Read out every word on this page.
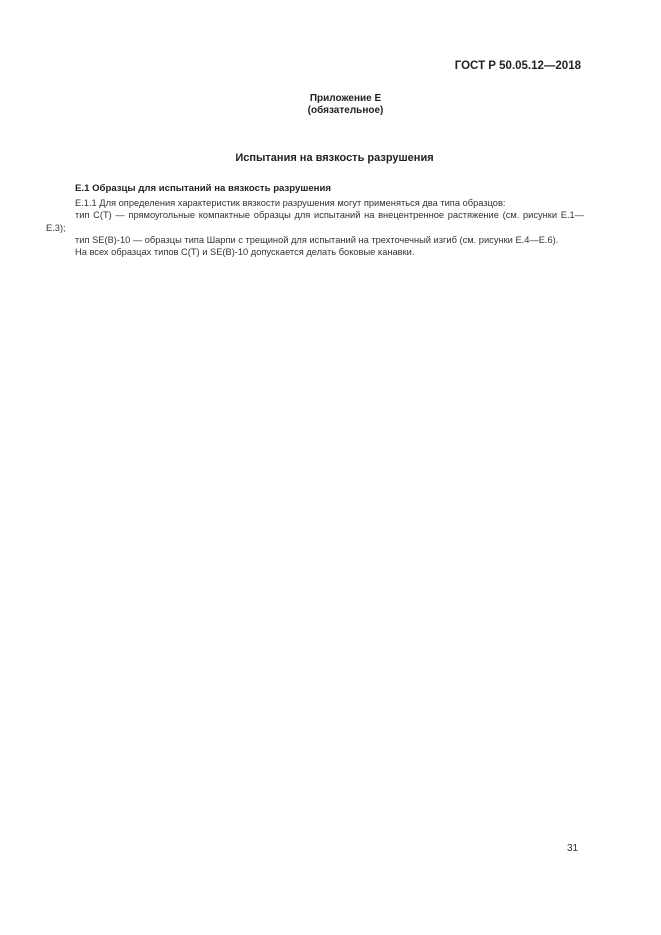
ГОСТ Р 50.05.12—2018
Приложение Е
(обязательное)
Испытания на вязкость разрушения
Е.1 Образцы для испытаний на вязкость разрушения

Е.1.1 Для определения характеристик вязкости разрушения могут применяться два типа образцов:

тип С(Т) — прямоугольные компактные образцы для испытаний на внецентренное растяжение (см. рисунки Е.1—Е.3);

тип SE(B)-10 — образцы типа Шарпи с трещиной для испытаний на трехточечный изгиб (см. рисунки Е.4—Е.6).

На всех образцах типов С(Т) и SE(B)-10 допускается делать боковые канавки.

31
